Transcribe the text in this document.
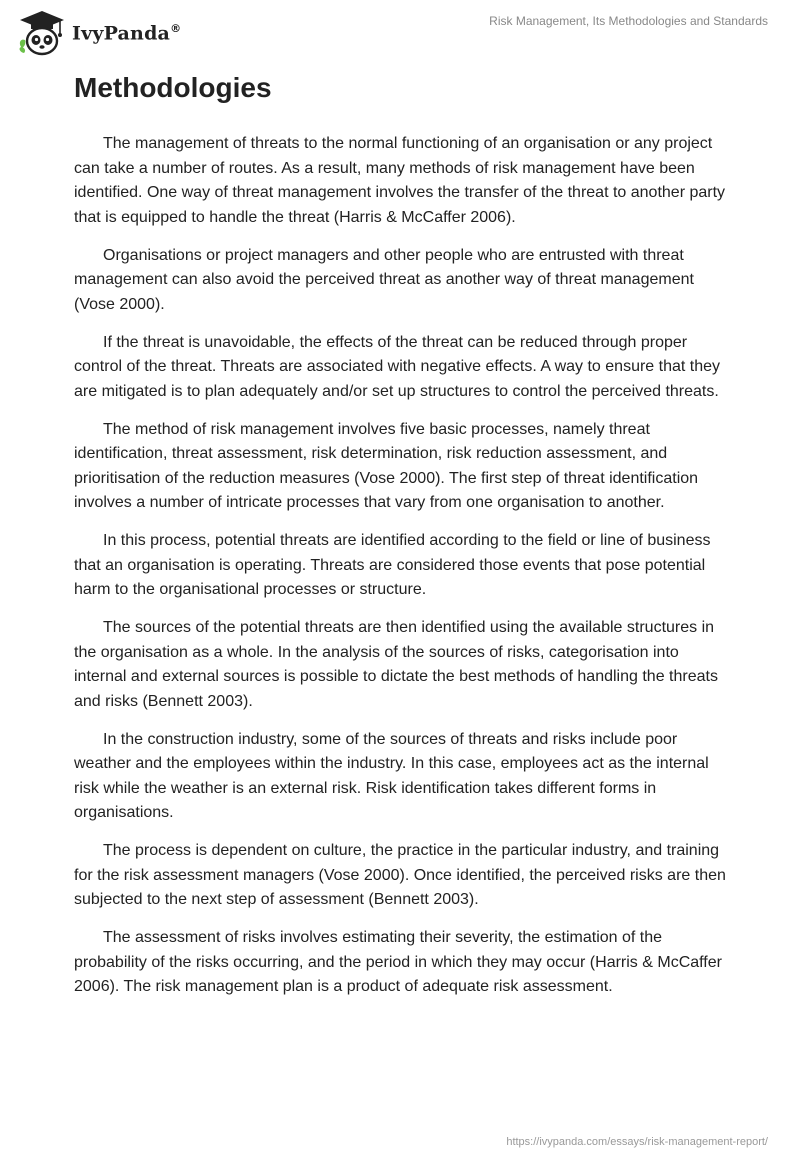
IvyPanda®
Risk Management, Its Methodologies and Standards
Methodologies

The management of threats to the normal functioning of an organisation or any project can take a number of routes. As a result, many methods of risk management have been identified. One way of threat management involves the transfer of the threat to another party that is equipped to handle the threat (Harris & McCaffer 2006).

Organisations or project managers and other people who are entrusted with threat management can also avoid the perceived threat as another way of threat management (Vose 2000).

If the threat is unavoidable, the effects of the threat can be reduced through proper control of the threat. Threats are associated with negative effects. A way to ensure that they are mitigated is to plan adequately and/or set up structures to control the perceived threats.

The method of risk management involves five basic processes, namely threat identification, threat assessment, risk determination, risk reduction assessment, and prioritisation of the reduction measures (Vose 2000). The first step of threat identification involves a number of intricate processes that vary from one organisation to another.

In this process, potential threats are identified according to the field or line of business that an organisation is operating. Threats are considered those events that pose potential harm to the organisational processes or structure.

The sources of the potential threats are then identified using the available structures in the organisation as a whole. In the analysis of the sources of risks, categorisation into internal and external sources is possible to dictate the best methods of handling the threats and risks (Bennett 2003).

In the construction industry, some of the sources of threats and risks include poor weather and the employees within the industry. In this case, employees act as the internal risk while the weather is an external risk. Risk identification takes different forms in organisations.

The process is dependent on culture, the practice in the particular industry, and training for the risk assessment managers (Vose 2000). Once identified, the perceived risks are then subjected to the next step of assessment (Bennett 2003).

The assessment of risks involves estimating their severity, the estimation of the probability of the risks occurring, and the period in which they may occur (Harris & McCaffer 2006). The risk management plan is a product of adequate risk assessment.

https://ivypanda.com/essays/risk-management-report/
